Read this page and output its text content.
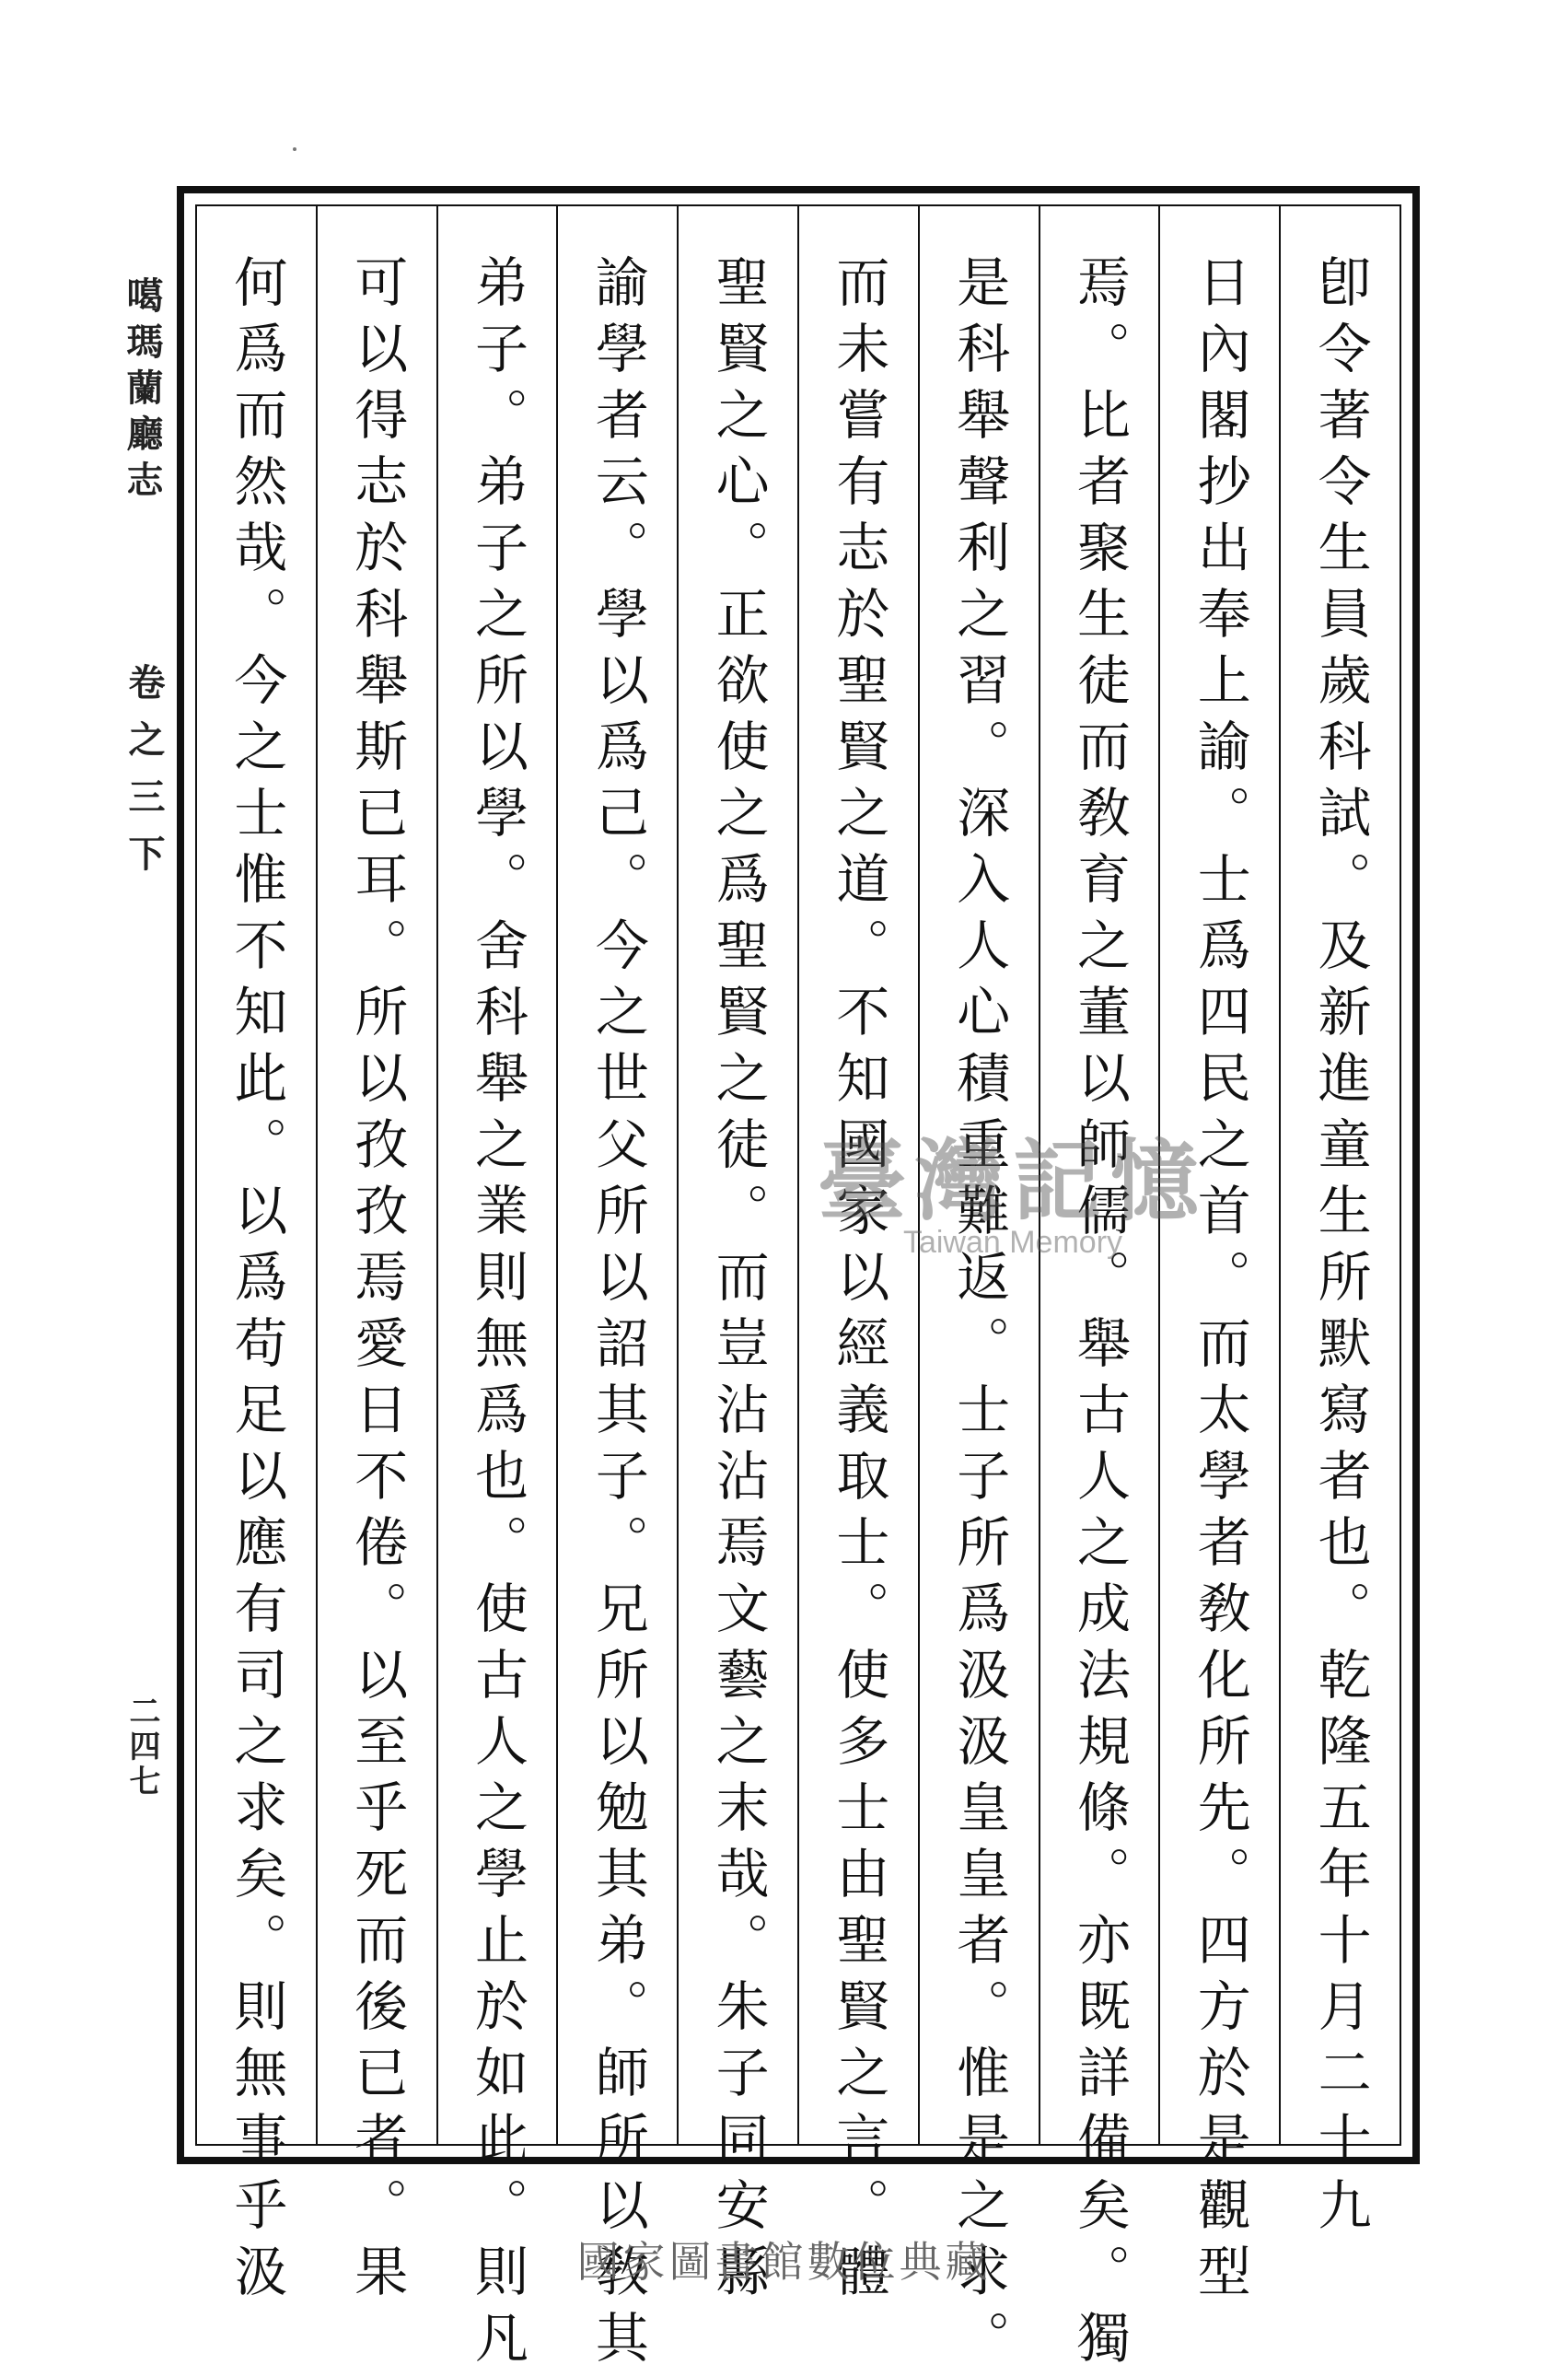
噶瑪蘭廳志
卷之三下
二四七	卽令著令生員歲科試。及新進童生所默寫者也。乾隆五年十月二十九
日內閣抄出奉上諭。士爲四民之首。而太學者敎化所先。四方於是觀型
焉。比者聚生徒而敎育之董以師儒。舉古人之成法規條。亦既詳備矣。獨
是科舉聲利之習。深入人心積重難返。士子所爲汲汲皇皇者。惟是之求。
而未嘗有志於聖賢之道。不知國家以經義取士。使多士由聖賢之言。體
聖賢之心。正欲使之爲聖賢之徒。而豈沾沾焉文藝之末哉。朱子同安縣
諭學者云。學以爲己。今之世父所以詔其子。兄所以勉其弟。師所以敎其
弟子。弟子之所以學。舍科舉之業則無爲也。使古人之學止於如此。則凡
可以得志於科舉斯已耳。所以孜孜焉愛日不倦。以至乎死而後已者。果
何爲而然哉。今之士惟不知此。以爲苟足以應有司之求矣。則無事乎汲	臺灣記憶
Taiwan Memory
國家圖書館數位典藏
